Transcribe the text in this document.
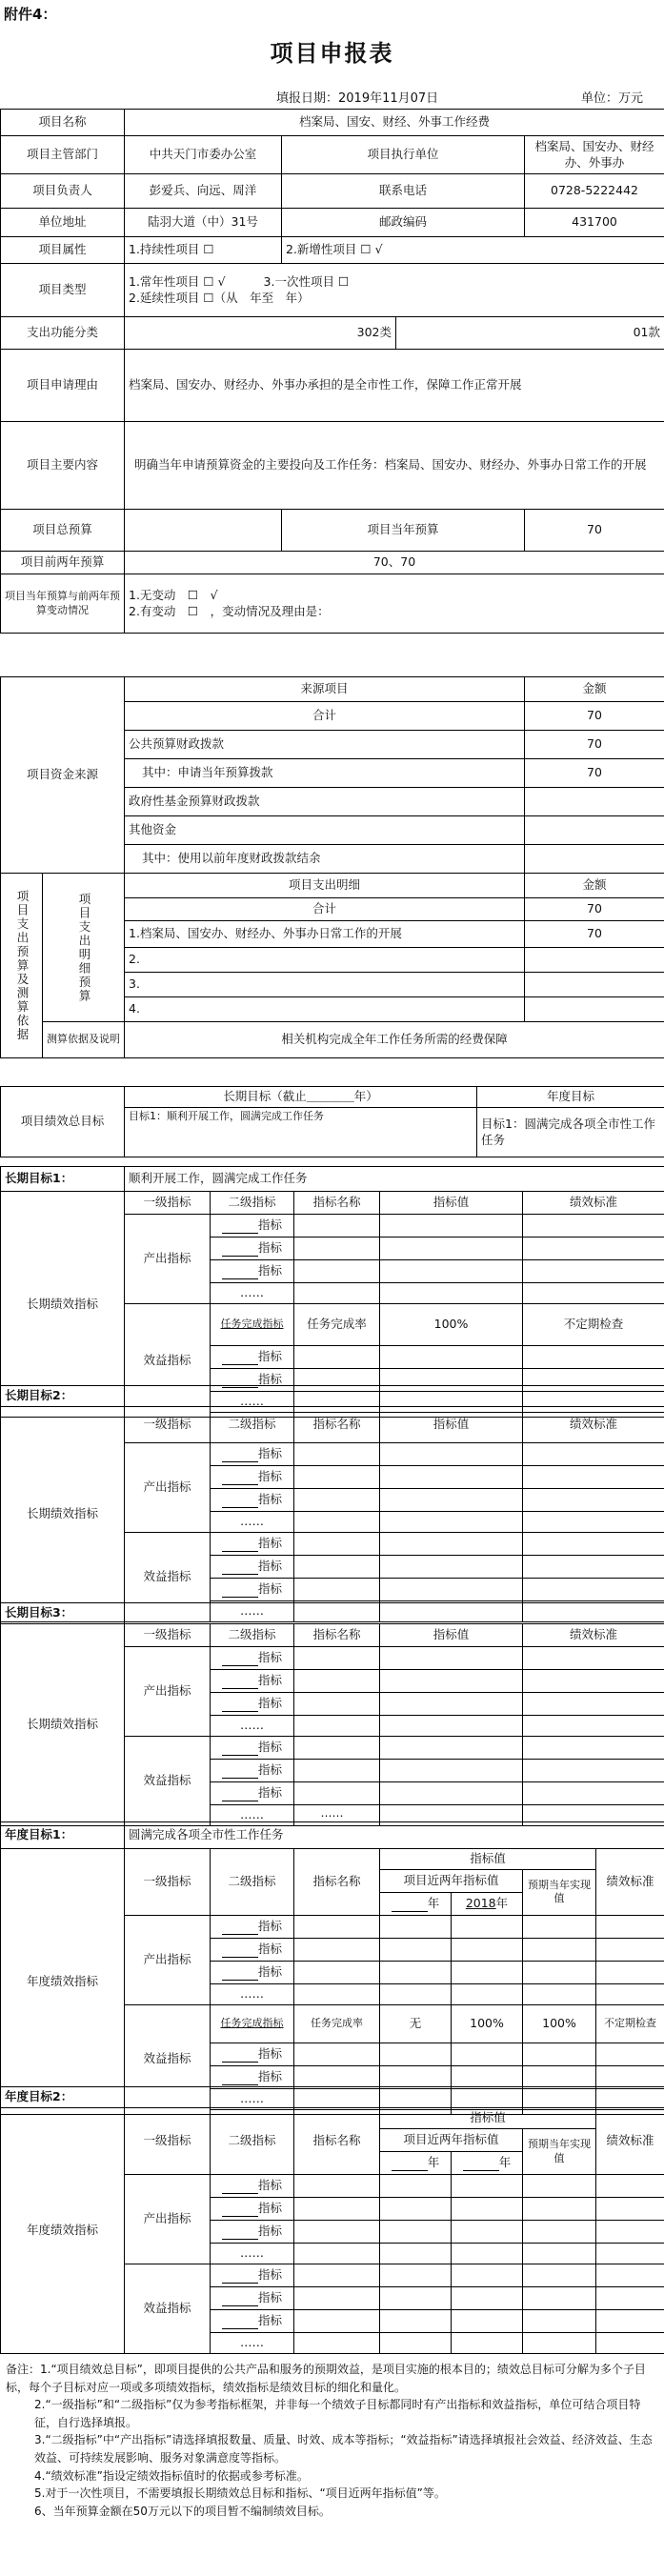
附件4：
项目申报表
填报日期：2019年11月07日	单位：万元
项目名称	档案局、国安、财经、外事工作经费			
项目主管部门	中共天门市委办公室	项目执行单位		档案局、国安办、财经办、外事办
项目负责人	彭爱兵、向远、周洋	联系电话		0728-5222442
单位地址	陆羽大道（中）31号	邮政编码		431700
项目属性	1.持续性项目 ☐	2.新增性项目 ☐ √		
项目类型	1.常年性项目 ☐ √ 3.一次性项目 ☐
2.延续性项目 ☐（从　年至　年）			

支出功能分类	302类		01款	
项目申请理由	档案局、国安办、财经办、外事办承担的是全市性工作，保障工作正常开展			
项目主要内容	明确当年申请预算资金的主要投向及工作任务：档案局、国安办、财经办、外事办日常工作的开展			
项目总预算		项目当年预算		70
项目前两年预算	70、70			
项目当年预算与前两年预算变动情况	1.无变动　☐　√
2.有变动　☐　，变动情况及理由是：			
项目资金来源	来源项目	金额
	合计	70
	公共预算财政拨款	70
	其中：申请当年预算拨款	70
	政府性基金预算财政拨款	
	其他资金	
	其中：使用以前年度财政拨款结余	
项目支出预算及测算依据	项目支出明细预算	项目支出明细	金额
		合计	70
		1.档案局、国安办、财经办、外事办日常工作的开展	70
		2.	
		3.	
		4.	
	测算依据及说明	相关机构完成全年工作任务所需的经费保障	
项目绩效总目标	长期目标（截止＿＿＿＿年）	年度目标
	目标1：顺利开展工作，圆满完成工作任务	目标1：圆满完成各项全市性工作任务
长期目标1：	顺利开展工作，圆满完成工作任务				
长期绩效指标	一级指标	二级指标	指标名称	指标值	绩效标准
	产出指标	指标			
		指标			
		指标			
		……			
	效益指标	任务完成指标	任务完成率	100%	不定期检查
		指标			
		指标			
		……			

长期目标2：					
长期绩效指标	一级指标	二级指标	指标名称	指标值	绩效标准
	产出指标	指标			
		指标			
		指标			
		……			
	效益指标	指标			
		指标			
		指标			
		……			
长期目标3：					
长期绩效指标	一级指标	二级指标	指标名称	指标值	绩效标准
	产出指标	指标			
		指标			
		指标			
		……			
	效益指标	指标			
		指标			
		指标			
		……				……
年度目标1：	圆满完成各项全市性工作任务						
年度绩效指标	一级指标	二级指标	指标名称	指标值			绩效标准
				项目近两年指标值		预期当年实现值	
				年	2018年		
	产出指标	指标					
		指标					
		指标					
		……					
	效益指标	任务完成指标	任务完成率	无	100%	100%	不定期检查
		指标					
		指标					
		……					

年度目标2：							
年度绩效指标	一级指标	二级指标	指标名称	指标值			绩效标准
				项目近两年指标值		预期当年实现值	
				年	年		
	产出指标	指标					
		指标					
		指标					
		……					
	效益指标	指标					
		指标					
		指标					
		……					

备注：1.“项目绩效总目标”，即项目提供的公共产品和服务的预期效益，是项目实施的根本目的；绩效总目标可分解为多个子目标，每个子目标对应一项或多项绩效指标，绩效指标是绩效目标的细化和量化。

2.“一级指标”和“二级指标”仅为参考指标框架，并非每一个绩效子目标都同时有产出指标和效益指标，单位可结合项目特征，自行选择填报。

3.“二级指标”中“产出指标”请选择填报数量、质量、时效、成本等指标；“效益指标”请选择填报社会效益、经济效益、生态效益、可持续发展影响、服务对象满意度等指标。

4.“绩效标准”指设定绩效指标值时的依据或参考标准。

5.对于一次性项目，不需要填报长期绩效总目标和指标、“项目近两年指标值”等。

6、当年预算金额在50万元以下的项目暂不编制绩效目标。
